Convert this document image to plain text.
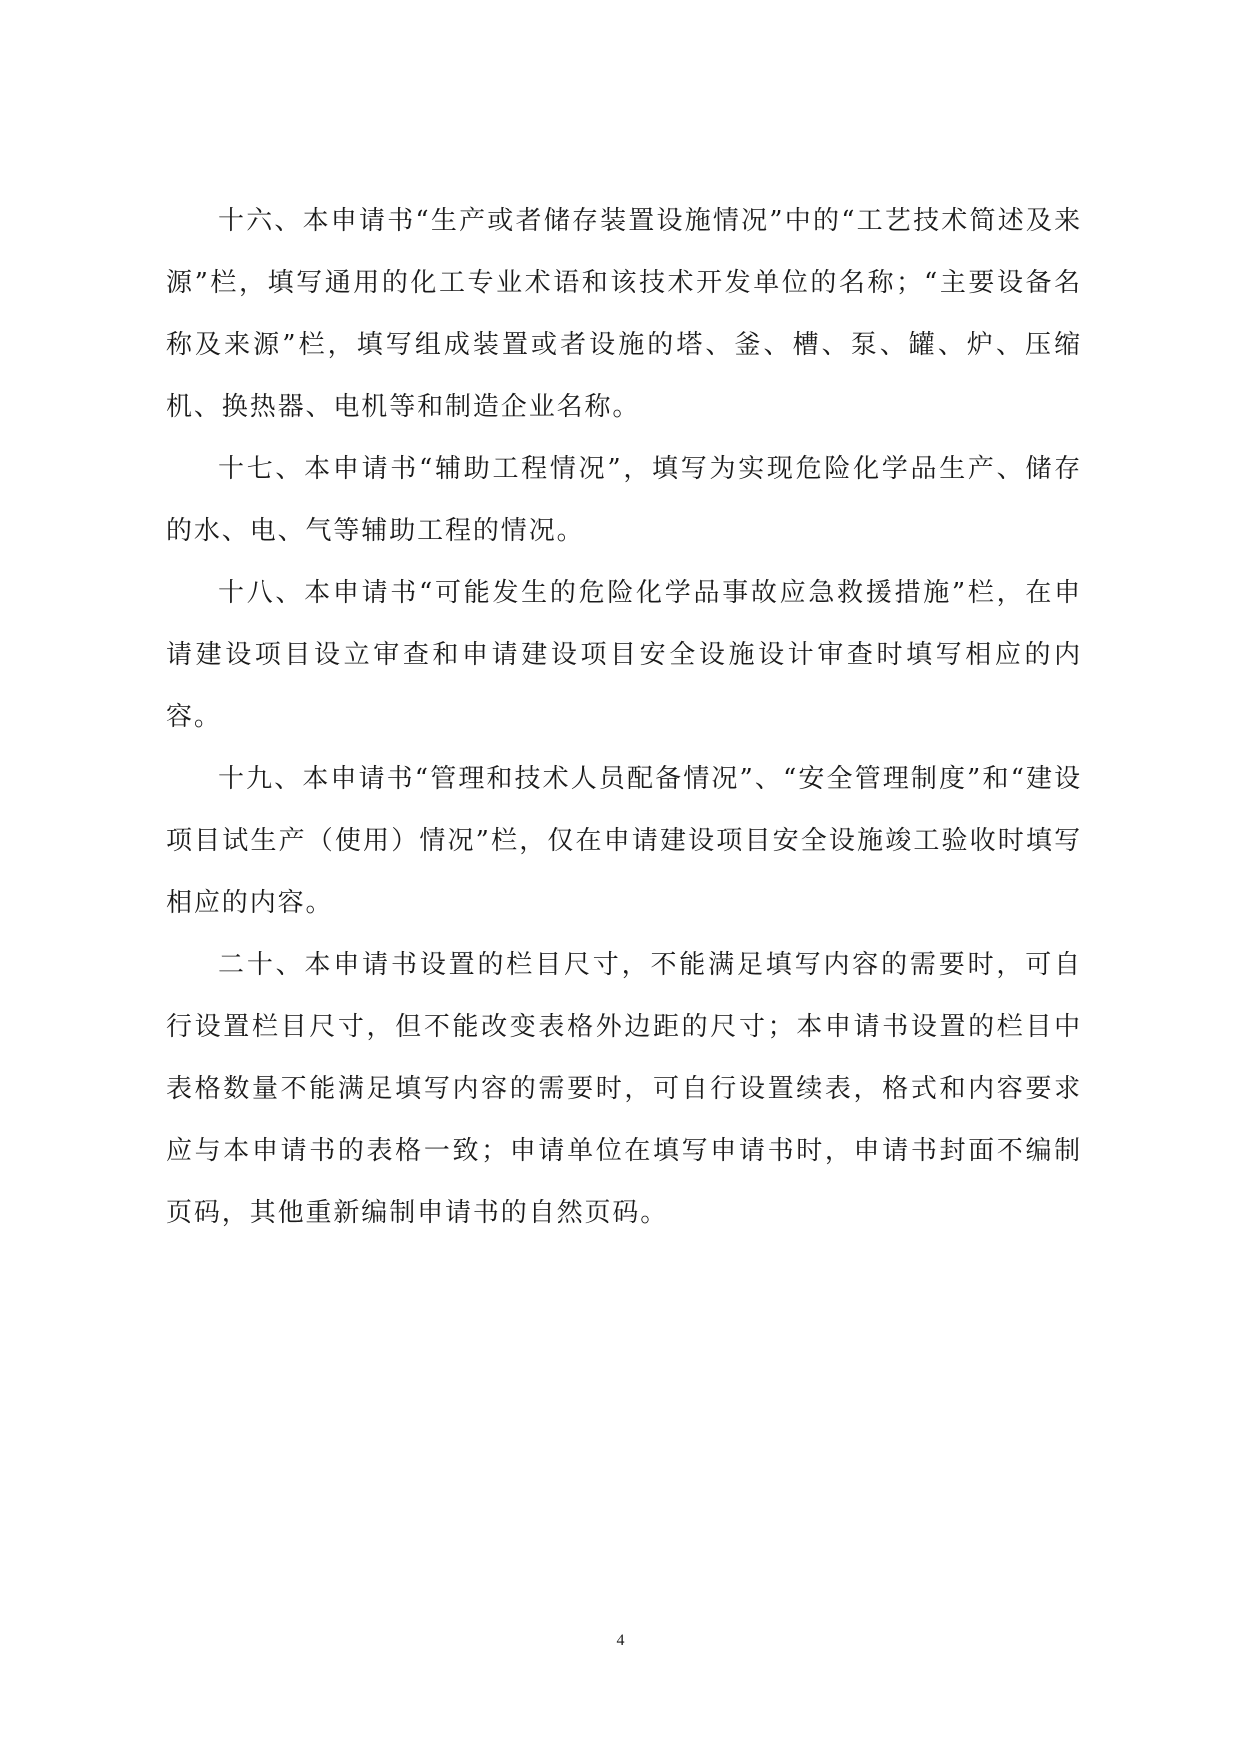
十六、本申请书“生产或者储存装置设施情况”中的“工艺技术简述及来源”栏，填写通用的化工专业术语和该技术开发单位的名称；“主要设备名称及来源”栏，填写组成装置或者设施的塔、釜、槽、泵、罐、炉、压缩机、换热器、电机等和制造企业名称。

十七、本申请书“辅助工程情况”，填写为实现危险化学品生产、储存的水、电、气等辅助工程的情况。

十八、本申请书“可能发生的危险化学品事故应急救援措施”栏，在申请建设项目设立审查和申请建设项目安全设施设计审查时填写相应的内容。

十九、本申请书“管理和技术人员配备情况”、“安全管理制度”和“建设项目试生产（使用）情况”栏，仅在申请建设项目安全设施竣工验收时填写相应的内容。

二十、本申请书设置的栏目尺寸，不能满足填写内容的需要时，可自行设置栏目尺寸，但不能改变表格外边距的尺寸；本申请书设置的栏目中表格数量不能满足填写内容的需要时，可自行设置续表，格式和内容要求应与本申请书的表格一致；申请单位在填写申请书时，申请书封面不编制页码，其他重新编制申请书的自然页码。

4
